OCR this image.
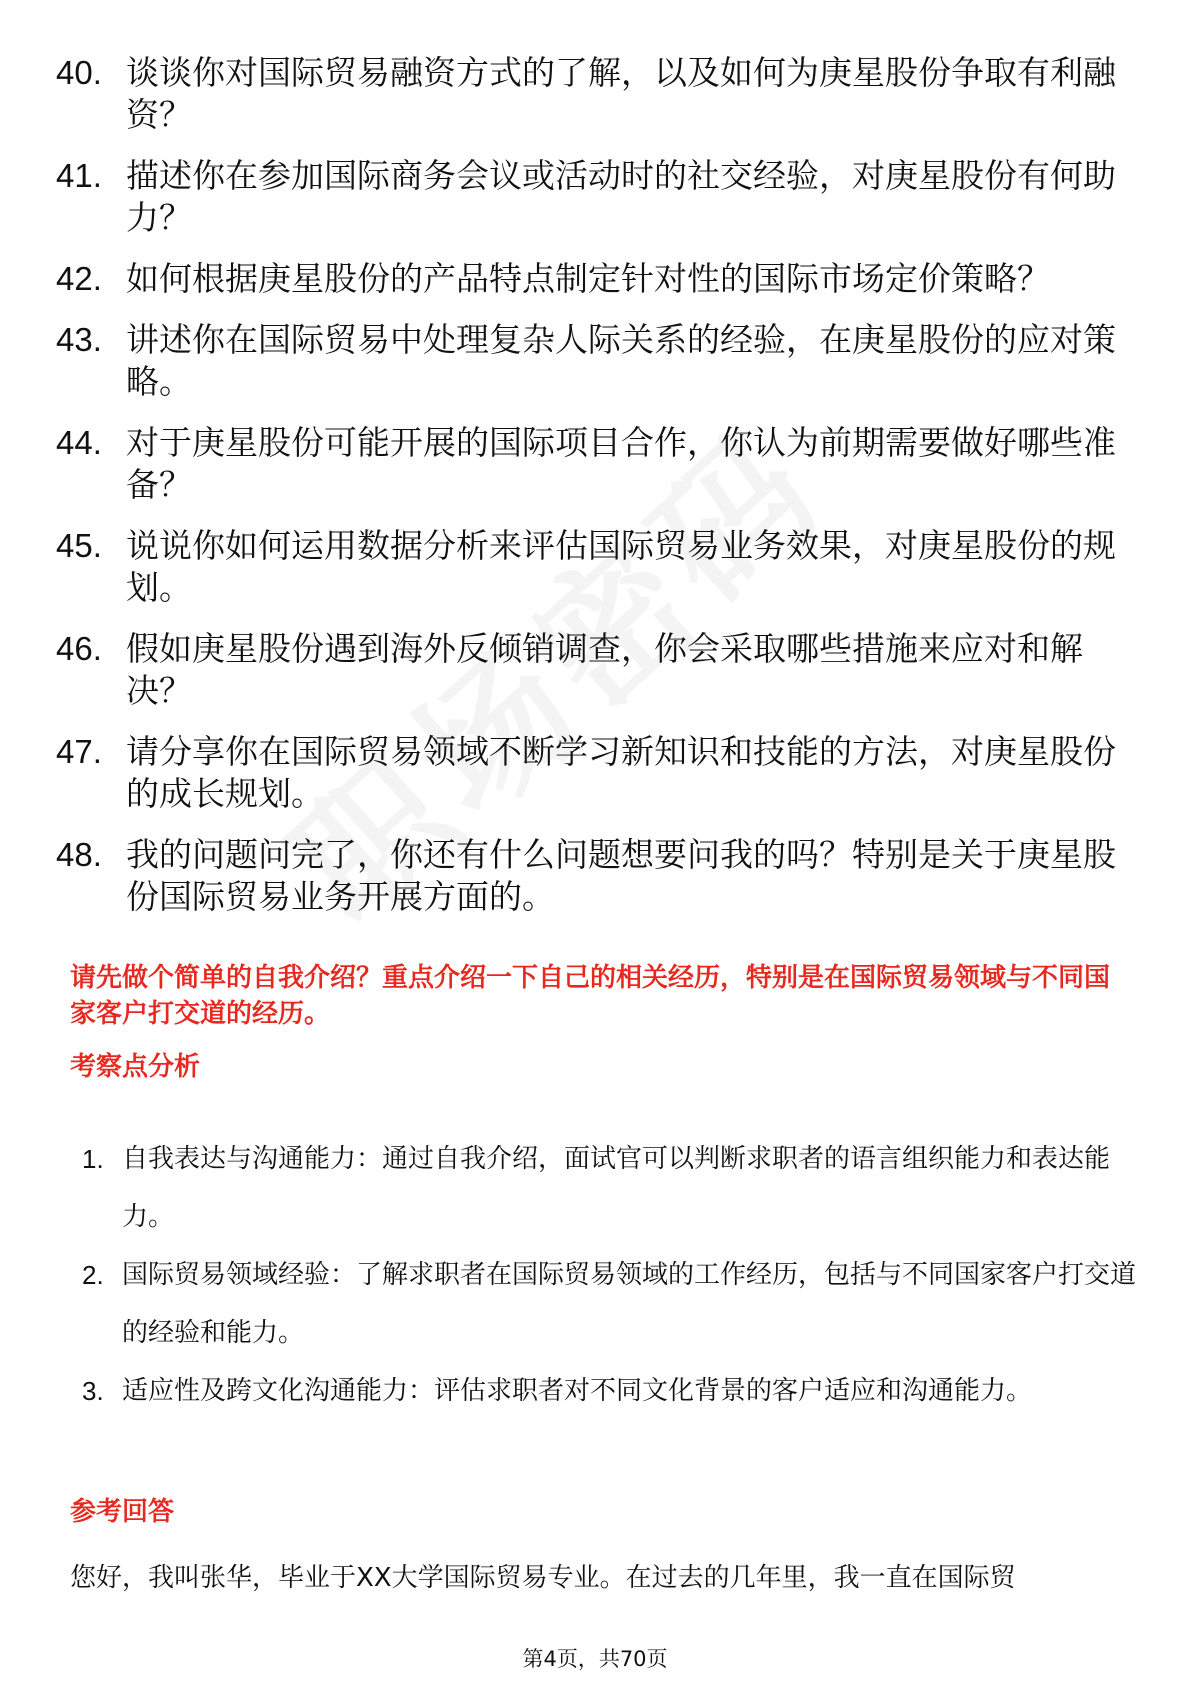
40. 谈谈你对国际贸易融资方式的了解，以及如何为庚星股份争取有利融资？
41. 描述你在参加国际商务会议或活动时的社交经验，对庚星股份有何助力？
42. 如何根据庚星股份的产品特点制定针对性的国际市场定价策略？
43. 讲述你在国际贸易中处理复杂人际关系的经验，在庚星股份的应对策略。
44. 对于庚星股份可能开展的国际项目合作，你认为前期需要做好哪些准备？
45. 说说你如何运用数据分析来评估国际贸易业务效果，对庚星股份的规划。
46. 假如庚星股份遇到海外反倾销调查，你会采取哪些措施来应对和解决？
47. 请分享你在国际贸易领域不断学习新知识和技能的方法，对庚星股份的成长规划。
48. 我的问题问完了，你还有什么问题想要问我的吗？特别是关于庚星股份国际贸易业务开展方面的。
请先做个简单的自我介绍？重点介绍一下自己的相关经历，特别是在国际贸易领域与不同国家客户打交道的经历。
考察点分析
1. 自我表达与沟通能力：通过自我介绍，面试官可以判断求职者的语言组织能力和表达能力。
2. 国际贸易领域经验：了解求职者在国际贸易领域的工作经历，包括与不同国家客户打交道的经验和能力。
3. 适应性及跨文化沟通能力：评估求职者对不同文化背景的客户适应和沟通能力。
参考回答
您好，我叫张华，毕业于XX大学国际贸易专业。在过去的几年里，我一直在国际贸
第4页，共70页
